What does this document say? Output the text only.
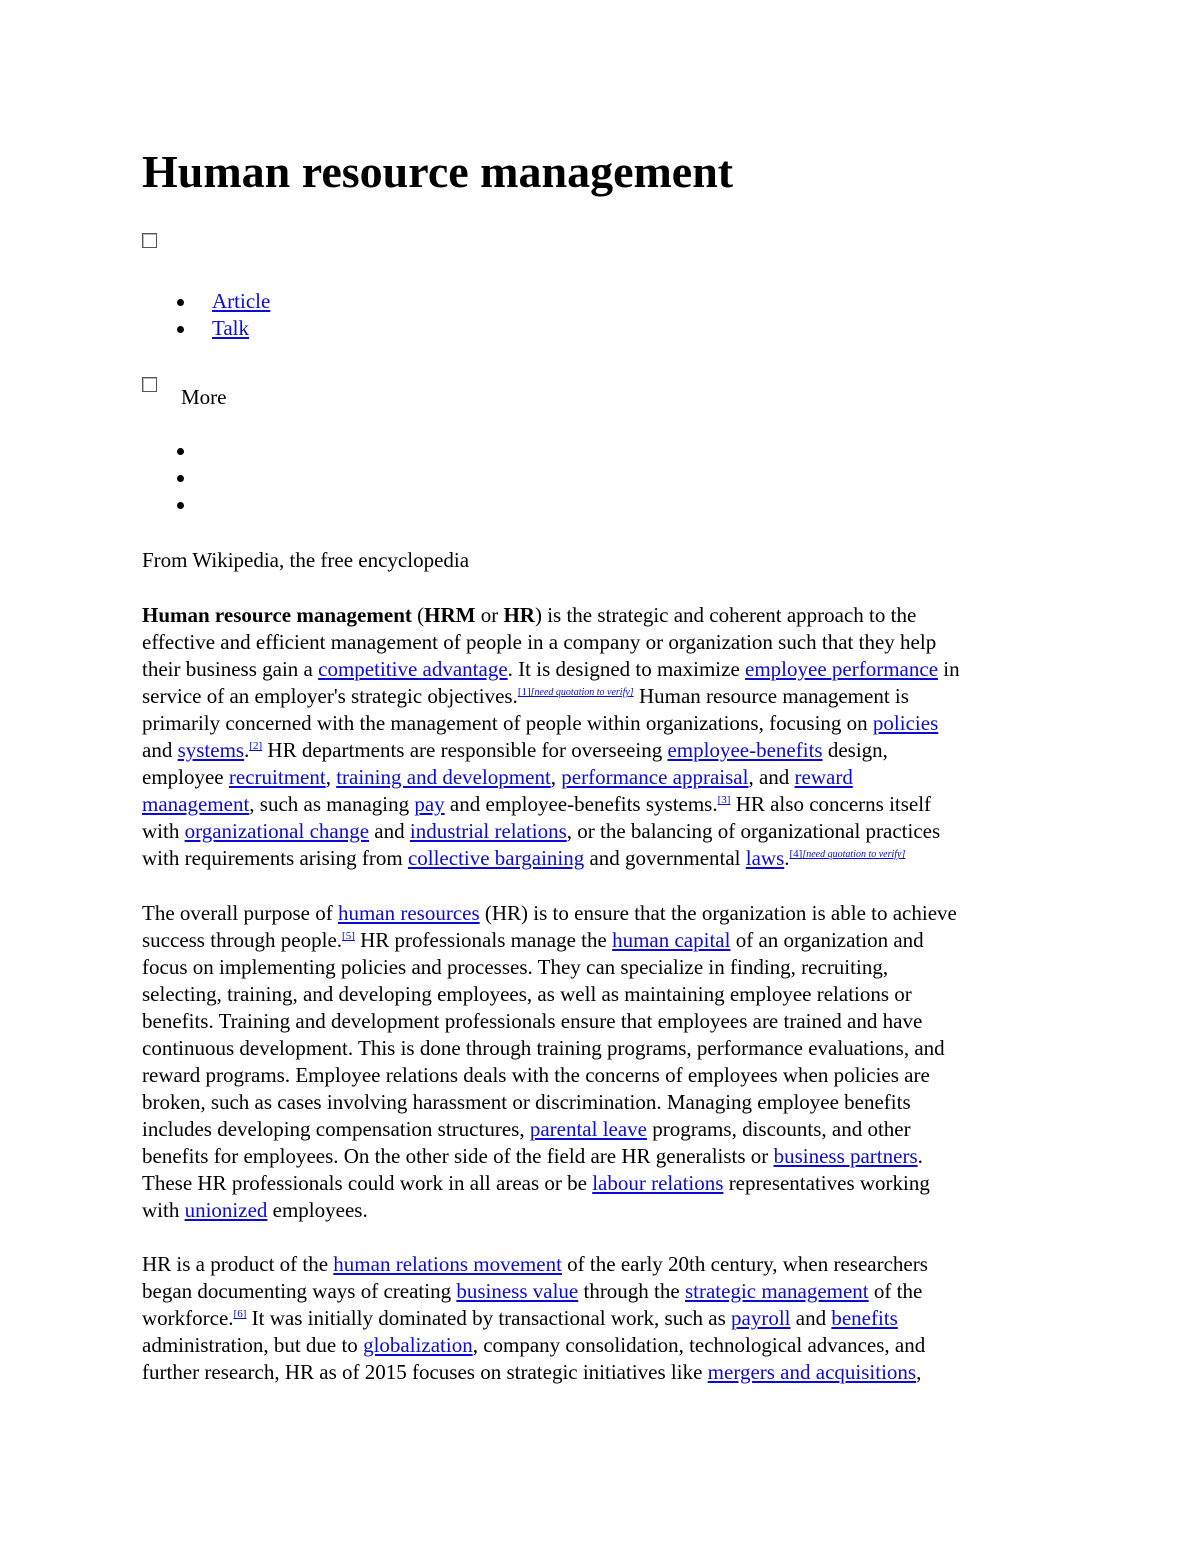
Human resource management
Article
Talk
More
From Wikipedia, the free encyclopedia

Human resource management (HRM or HR) is the strategic and coherent approach to the

effective and efficient management of people in a company or organization such that they help

their business gain a competitive advantage. It is designed to maximize employee performance in

service of an employer's strategic objectives.[1][need quotation to verify] Human resource management is

primarily concerned with the management of people within organizations, focusing on policies

and systems.[2] HR departments are responsible for overseeing employee-benefits design,

employee recruitment, training and development, performance appraisal, and reward

management, such as managing pay and employee-benefits systems.[3] HR also concerns itself

with organizational change and industrial relations, or the balancing of organizational practices

with requirements arising from collective bargaining and governmental laws.[4][need quotation to verify]

The overall purpose of human resources (HR) is to ensure that the organization is able to achieve

success through people.[5] HR professionals manage the human capital of an organization and

focus on implementing policies and processes. They can specialize in finding, recruiting,

selecting, training, and developing employees, as well as maintaining employee relations or

benefits. Training and development professionals ensure that employees are trained and have

continuous development. This is done through training programs, performance evaluations, and

reward programs. Employee relations deals with the concerns of employees when policies are

broken, such as cases involving harassment or discrimination. Managing employee benefits

includes developing compensation structures, parental leave programs, discounts, and other

benefits for employees. On the other side of the field are HR generalists or business partners.

These HR professionals could work in all areas or be labour relations representatives working

with unionized employees.

HR is a product of the human relations movement of the early 20th century, when researchers

began documenting ways of creating business value through the strategic management of the

workforce.[6] It was initially dominated by transactional work, such as payroll and benefits

administration, but due to globalization, company consolidation, technological advances, and

further research, HR as of 2015 focuses on strategic initiatives like mergers and acquisitions,
